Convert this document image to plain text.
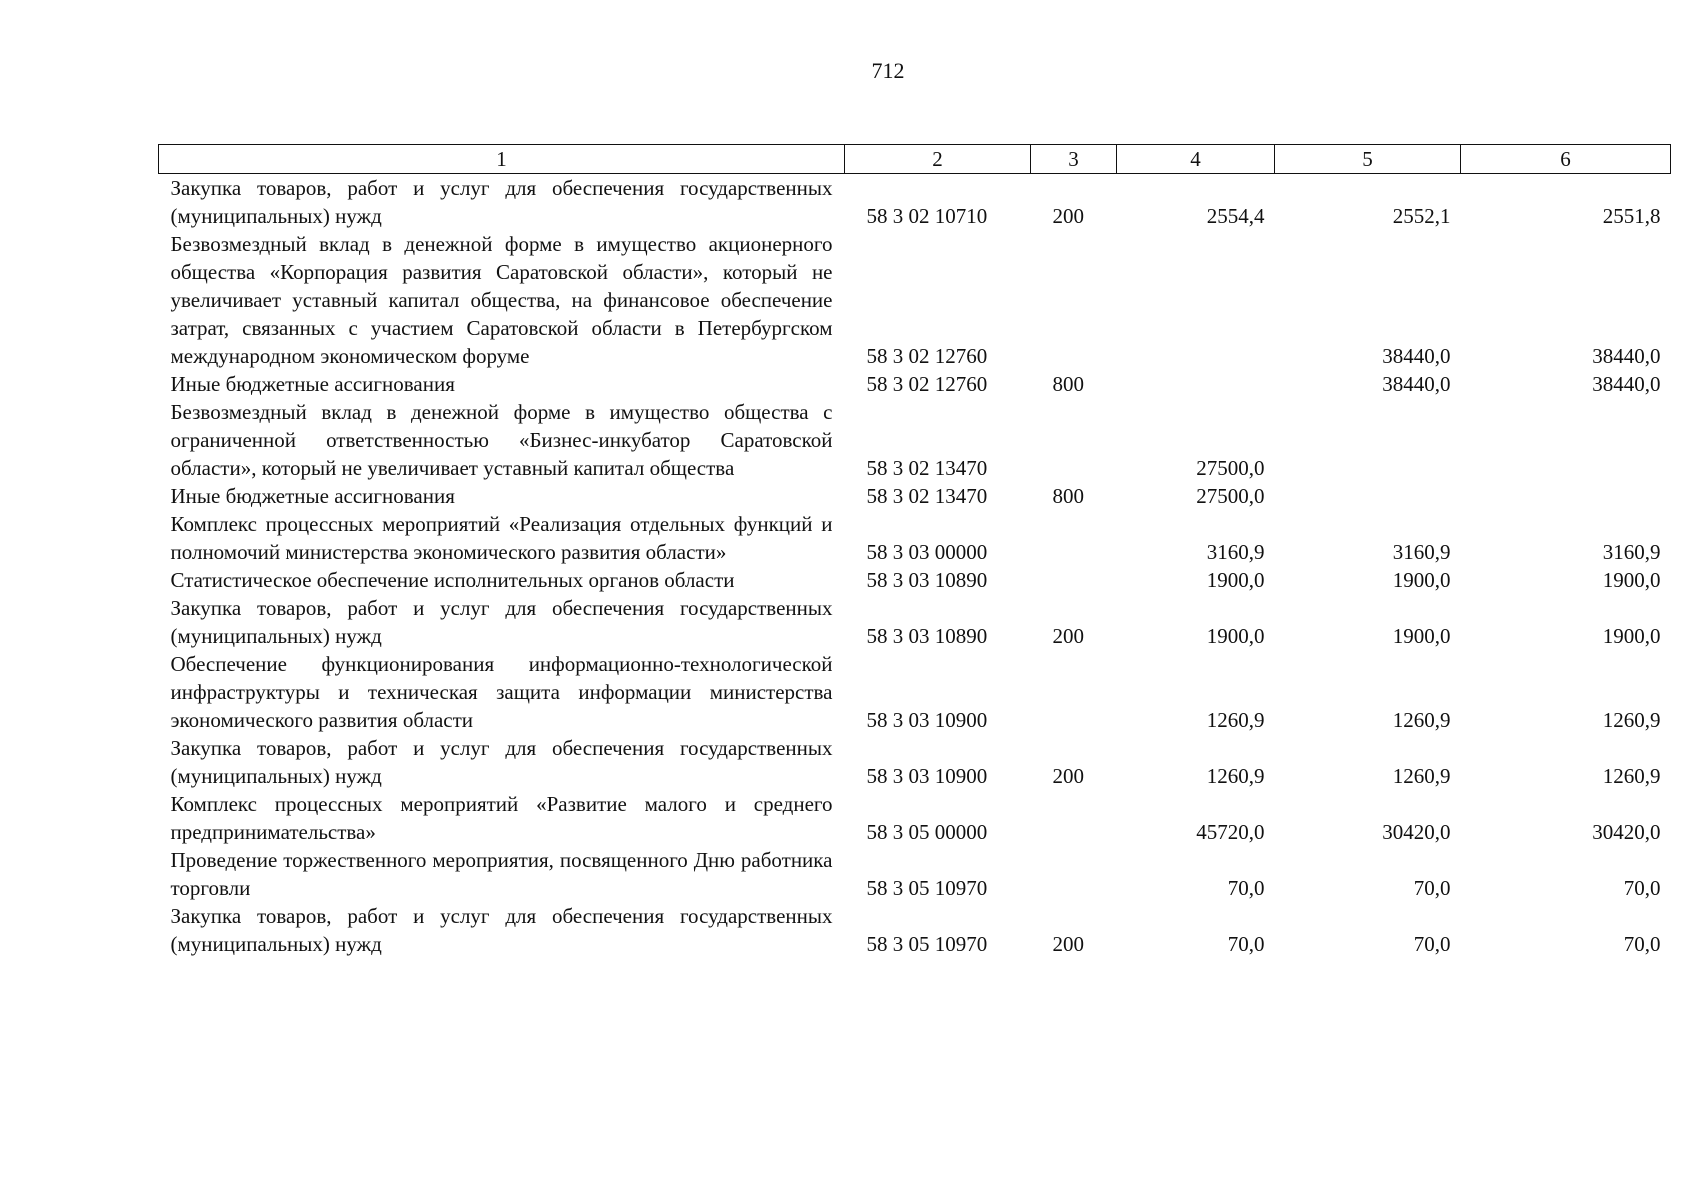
712
1	2	3	4	5	6
Закупка товаров, работ и услуг для обеспечения государственных (муниципальных) нужд	58 3 02 10710	200	2554,4	2552,1	2551,8
Безвозмездный вклад в денежной форме в имущество акционерного общества «Корпорация развития Саратовской области», который не увеличивает уставный капитал общества, на финансовое обеспечение затрат, связанных с участием Саратовской области в Петербургском международном экономическом форуме	58 3 02 12760			38440,0	38440,0
Иные бюджетные ассигнования	58 3 02 12760	800		38440,0	38440,0
Безвозмездный вклад в денежной форме в имущество общества с ограниченной ответственностью «Бизнес-инкубатор Саратовской области», который не увеличивает уставный капитал общества	58 3 02 13470		27500,0		
Иные бюджетные ассигнования	58 3 02 13470	800	27500,0		
Комплекс процессных мероприятий «Реализация отдельных функций и полномочий министерства экономического развития области»	58 3 03 00000		3160,9	3160,9	3160,9
Статистическое обеспечение исполнительных органов области	58 3 03 10890		1900,0	1900,0	1900,0
Закупка товаров, работ и услуг для обеспечения государственных (муниципальных) нужд	58 3 03 10890	200	1900,0	1900,0	1900,0
Обеспечение функционирования информационно-технологической инфраструктуры и техническая защита информации министерства экономического развития области	58 3 03 10900		1260,9	1260,9	1260,9
Закупка товаров, работ и услуг для обеспечения государственных (муниципальных) нужд	58 3 03 10900	200	1260,9	1260,9	1260,9
Комплекс процессных мероприятий «Развитие малого и среднего предпринимательства»	58 3 05 00000		45720,0	30420,0	30420,0
Проведение торжественного мероприятия, посвященного Дню работника торговли	58 3 05 10970		70,0	70,0	70,0
Закупка товаров, работ и услуг для обеспечения государственных (муниципальных) нужд	58 3 05 10970	200	70,0	70,0	70,0
